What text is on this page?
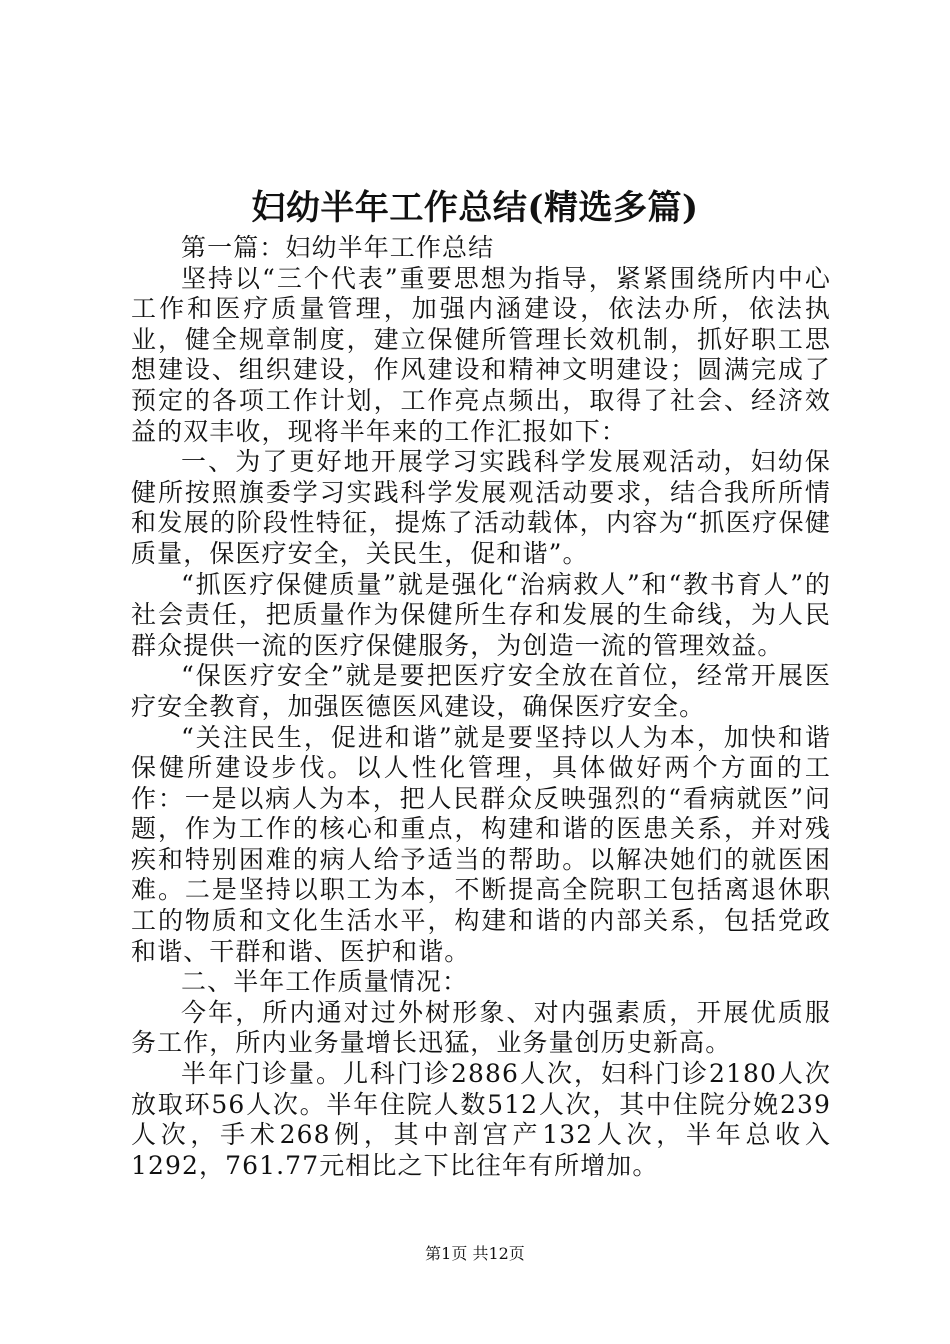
妇幼半年工作总结(精选多篇)

第一篇：妇幼半年工作总结

坚持以“三个代表”重要思想为指导，紧紧围绕所内中心工作和医疗质量管理，加强内涵建设，依法办所，依法执业，健全规章制度，建立保健所管理长效机制，抓好职工思想建设、组织建设，作风建设和精神文明建设；圆满完成了预定的各项工作计划，工作亮点频出，取得了社会、经济效益的双丰收，现将半年来的工作汇报如下：

一、为了更好地开展学习实践科学发展观活动，妇幼保健所按照旗委学习实践科学发展观活动要求，结合我所所情和发展的阶段性特征，提炼了活动载体，内容为“抓医疗保健质量，保医疗安全，关民生，促和谐”。

“抓医疗保健质量”就是强化“治病救人”和“教书育人”的社会责任，把质量作为保健所生存和发展的生命线，为人民群众提供一流的医疗保健服务，为创造一流的管理效益。

“保医疗安全”就是要把医疗安全放在首位，经常开展医疗安全教育，加强医德医风建设，确保医疗安全。

“关注民生，促进和谐”就是要坚持以人为本，加快和谐保健所建设步伐。以人性化管理，具体做好两个方面的工作：一是以病人为本，把人民群众反映强烈的“看病就医”问题，作为工作的核心和重点，构建和谐的医患关系，并对残疾和特别困难的病人给予适当的帮助。以解决她们的就医困难。二是坚持以职工为本，不断提高全院职工包括离退休职工的物质和文化生活水平，构建和谐的内部关系，包括党政和谐、干群和谐、医护和谐。

二、半年工作质量情况：

今年，所内通对过外树形象、对内强素质，开展优质服务工作，所内业务量增长迅猛，业务量创历史新高。

半年门诊量。儿科门诊2886人次，妇科门诊2180人次放取环56人次。半年住院人数512人次，其中住院分娩239人次，手术268例，其中剖宫产132人次，半年总收入1292，761.77元相比之下比往年有所增加。

第1页 共12页
